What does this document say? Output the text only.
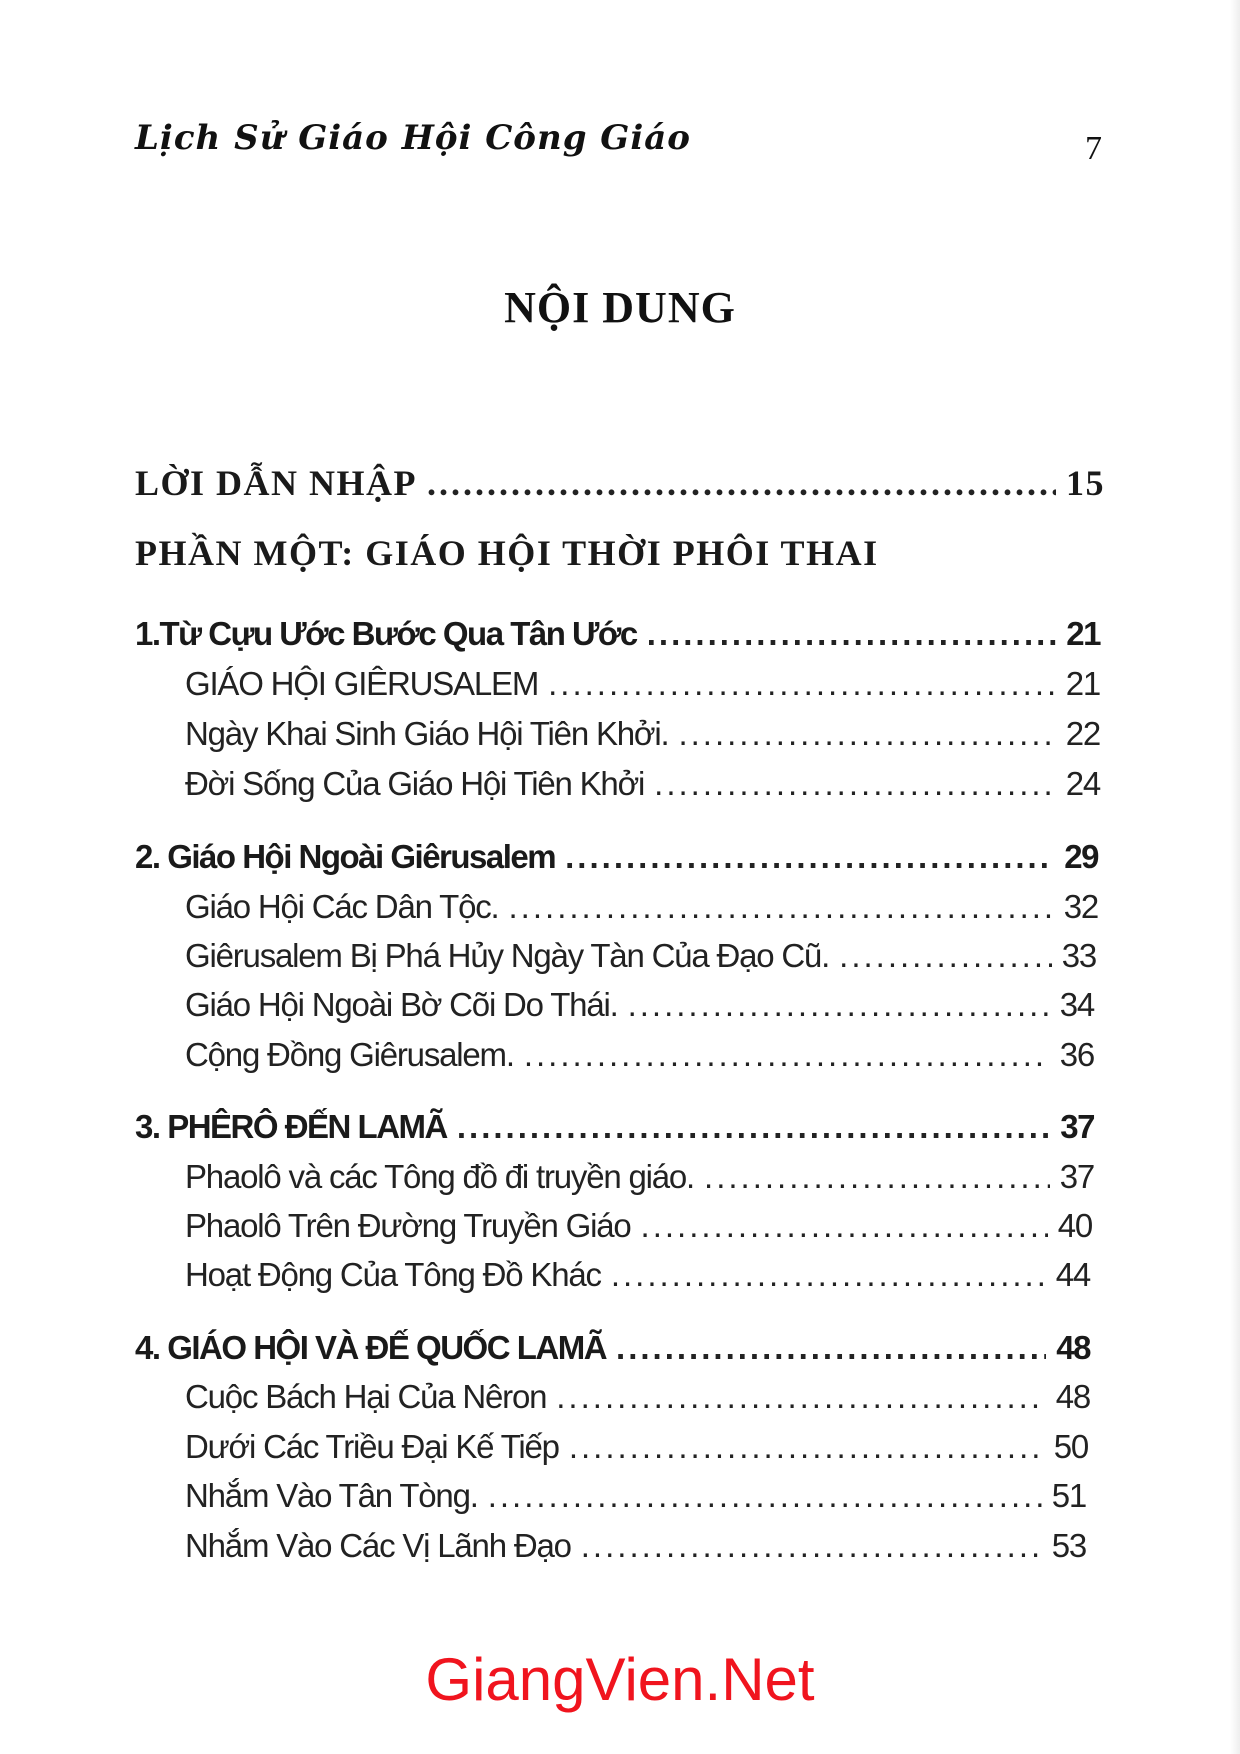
Lịch Sử Giáo Hội Công Giáo	7
NỘI DUNG
LỜI DẪN NHẬP .....	15
PHẦN MỘT: GIÁO HỘI THỜI PHÔI THAI
1.Từ Cựu Ước Bước Qua Tân Ước .....	21
GIÁO HỘI GIÊRUSALEM .....	21
Ngày Khai Sinh Giáo Hội Tiên Khởi. .....	22
Đời Sống Của Giáo Hội Tiên Khởi .....	24
2. Giáo Hội Ngoài Giêrusalem .....	29
Giáo Hội Các Dân Tộc. .....	32
Giêrusalem Bị Phá Hủy Ngày Tàn Của Đạo Cũ. .....	33
Giáo Hội Ngoài Bờ Cõi Do Thái. .....	34
Cộng Đồng Giêrusalem. .....	36
3. PHÊRÔ ĐẾN LAMÃ .....	37
Phaolô và các Tông đồ đi truyền giáo. .....	37
Phaolô Trên Đường Truyền Giáo .....	40
Hoạt Động Của Tông Đồ Khác .....	44
4. GIÁO HỘI VÀ ĐẾ QUỐC LAMÃ .....	48
Cuộc Bách Hại Của Nêron .....	48
Dưới Các Triều Đại Kế Tiếp .....	50
Nhắm Vào Tân Tòng. .....	51
Nhắm Vào Các Vị Lãnh Đạo .....	53
GiangVien.Net
